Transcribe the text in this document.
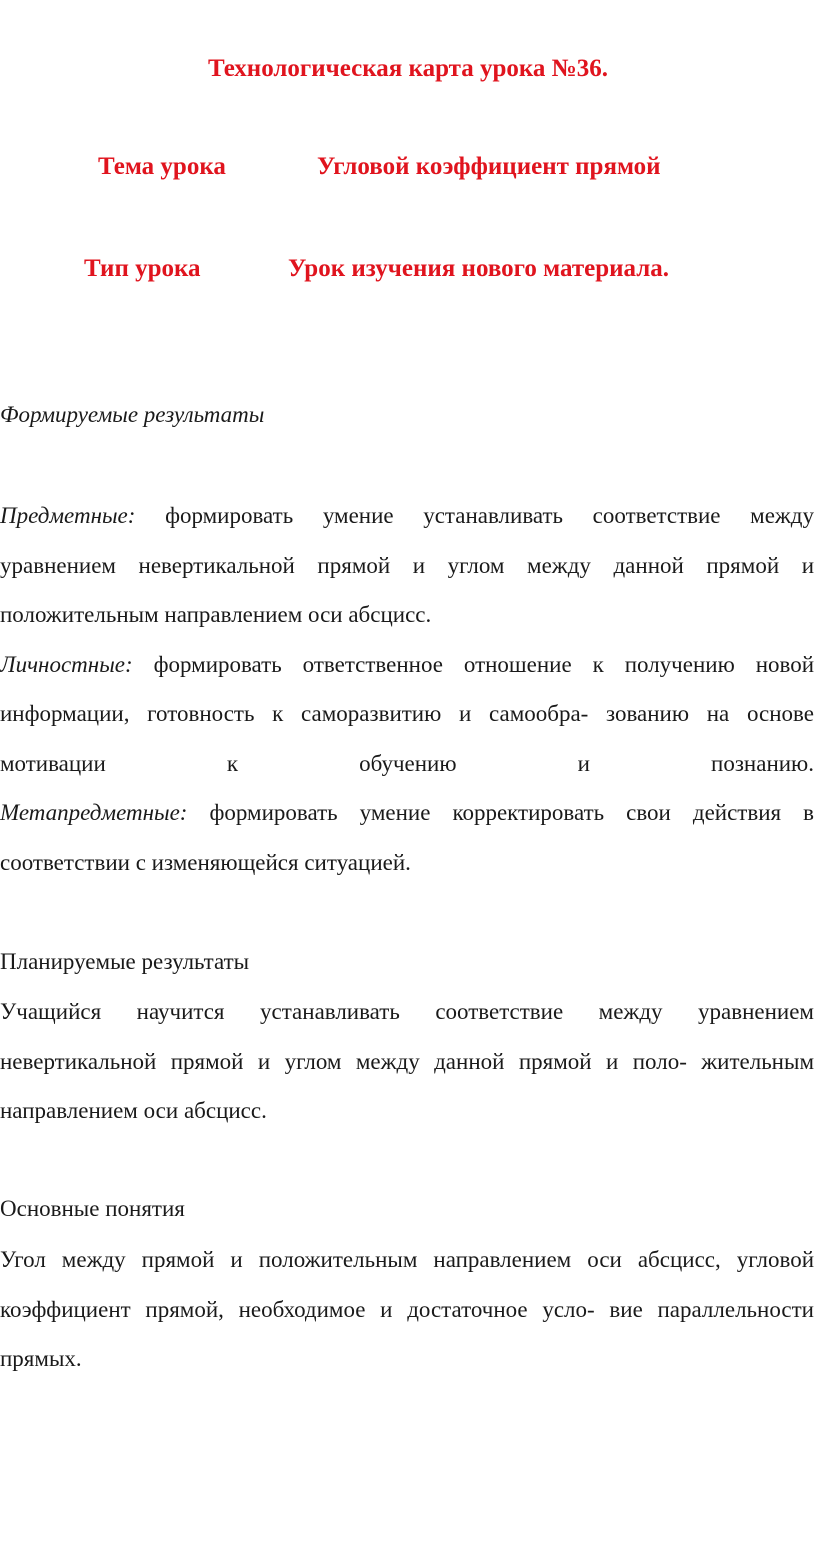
Технологическая карта урока №36.
Тема урока	Угловой коэффициент прямой
Тип урока	Урок изучения нового материала.
Формируемые результаты

Предметные: формировать умение устанавливать соответствие между уравнением невертикальной прямой и углом между данной прямой и положительным направлением оси абсцисс.

Личностные: формировать ответственное отношение к получению новой информации, готовность к саморазвитию и самообра- зованию на основе мотивации к обучению и познанию.

Метапредметные: формировать умение корректировать свои действия в соответствии с изменяющейся ситуацией.

Планируемые результаты

Учащийся научится устанавливать соответствие между уравнением невертикальной прямой и углом между данной прямой и поло- жительным направлением оси абсцисс.

Основные понятия

Угол между прямой и положительным направлением оси абсцисс, угловой коэффициент прямой, необходимое и достаточное усло- вие параллельности прямых.
